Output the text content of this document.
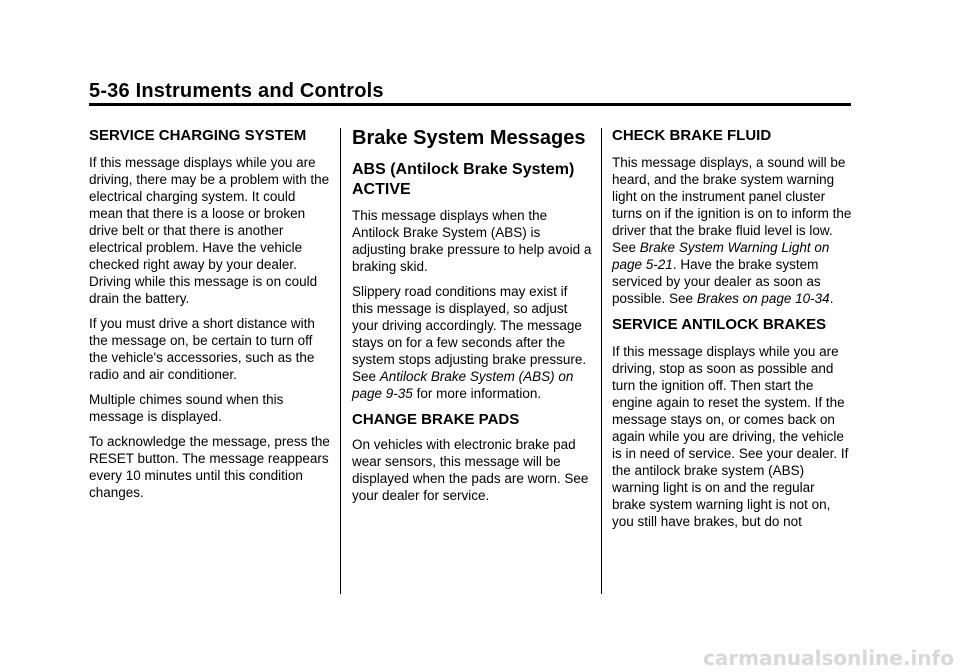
5-36 Instruments and Controls
SERVICE CHARGING SYSTEM

If this message displays while you are driving, there may be a problem with the electrical charging system. It could mean that there is a loose or broken drive belt or that there is another electrical problem. Have the vehicle checked right away by your dealer. Driving while this message is on could drain the battery.

If you must drive a short distance with the message on, be certain to turn off the vehicle's accessories, such as the radio and air conditioner.

Multiple chimes sound when this message is displayed.

To acknowledge the message, press the RESET button. The message reappears every 10 minutes until this condition changes.

Brake System Messages
ABS (Antilock Brake System) ACTIVE

This message displays when the Antilock Brake System (ABS) is adjusting brake pressure to help avoid a braking skid.

Slippery road conditions may exist if this message is displayed, so adjust your driving accordingly. The message stays on for a few seconds after the system stops adjusting brake pressure. See Antilock Brake System (ABS) on page 9-35 for more information.

CHANGE BRAKE PADS

On vehicles with electronic brake pad wear sensors, this message will be displayed when the pads are worn. See your dealer for service.

CHECK BRAKE FLUID

This message displays, a sound will be heard, and the brake system warning light on the instrument panel cluster turns on if the ignition is on to inform the driver that the brake fluid level is low. See Brake System Warning Light on page 5-21. Have the brake system serviced by your dealer as soon as possible. See Brakes on page 10-34.

SERVICE ANTILOCK BRAKES

If this message displays while you are driving, stop as soon as possible and turn the ignition off. Then start the engine again to reset the system. If the message stays on, or comes back on again while you are driving, the vehicle is in need of service. See your dealer. If the antilock brake system (ABS) warning light is on and the regular brake system warning light is not on, you still have brakes, but do not

carmanualsonline.info
